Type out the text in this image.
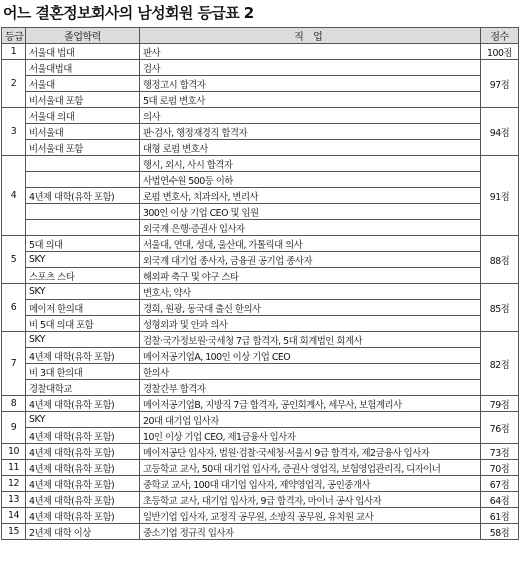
어느 결혼정보회사의 남성회원 등급표 2
등급	졸업학력	직 업	점수
1	서울대 법대	판사	100점
2	서울대법대	검사	97점
	서울대	행정고시 합격자	
	비서울대 포함	5대 로펌 변호사	
3	서울대 의대	의사	94점
	비서울대	판·검사, 행정재경직 합격자	
	비서울대 포함	대형 로펌 변호사	
4		행시, 외시, 사시 합격자	91점
		사법연수원 500등 이하	
	4년제 대학(유학 포함)	로펌 변호사, 치과의사, 변리사	
		300인 이상 기업 CEO 및 임원	
		외국계 은행·증권사 입사자	
5	5대 의대	서울대, 연대, 성대, 울산대, 가톨릭대 의사	88점
	SKY	외국계 대기업 종사자, 금융권 공기업 종사자	
	스포츠 스타	해외파 축구 및 야구 스타	
6	SKY	변호사, 약사	85점
	메이저 한의대	경희, 원광, 동국대 출신 한의사	
	비 5대 의대 포함	성형외과 및 안과 의사	
7	SKY	검찰·국가정보원·국세청 7급 합격자, 5대 회계법인 회계사	82점
	4년제 대학(유학 포함)	메이저공기업A, 100인 이상 기업 CEO	
	비 3대 한의대	한의사	
	경찰대학교	경찰간부 합격자	
8	4년제 대학(유학 포함)	메이저공기업B, 지방직 7급 합격자, 공인회계사, 세무사, 보험계리사	79점
9	SKY	20대 대기업 입사자	76점
	4년제 대학(유학 포함)	10인 이상 기업 CEO, 제1금융사 입사자	
10	4년제 대학(유학 포함)	메이저공단 입사자, 법원·검찰·국세청·서울시 9급 합격자, 제2금융사 입사자	73점
11	4년제 대학(유학 포함)	고등학교 교사, 50대 대기업 입사자, 증권사 영업직, 보험영업관리직, 디자이너	70점
12	4년제 대학(유학 포함)	중학교 교사, 100대 대기업 입사자, 제약영업직, 공인중개사	67점
13	4년제 대학(유학 포함)	초등학교 교사, 대기업 입사자, 9급 합격자, 마이너 공사 입사자	64점
14	4년제 대학(유학 포함)	일반기업 입사자, 교정직 공무원, 소방직 공무원, 유치원 교사	61점
15	2년제 대학 이상	중소기업 정규직 입사자	58점
